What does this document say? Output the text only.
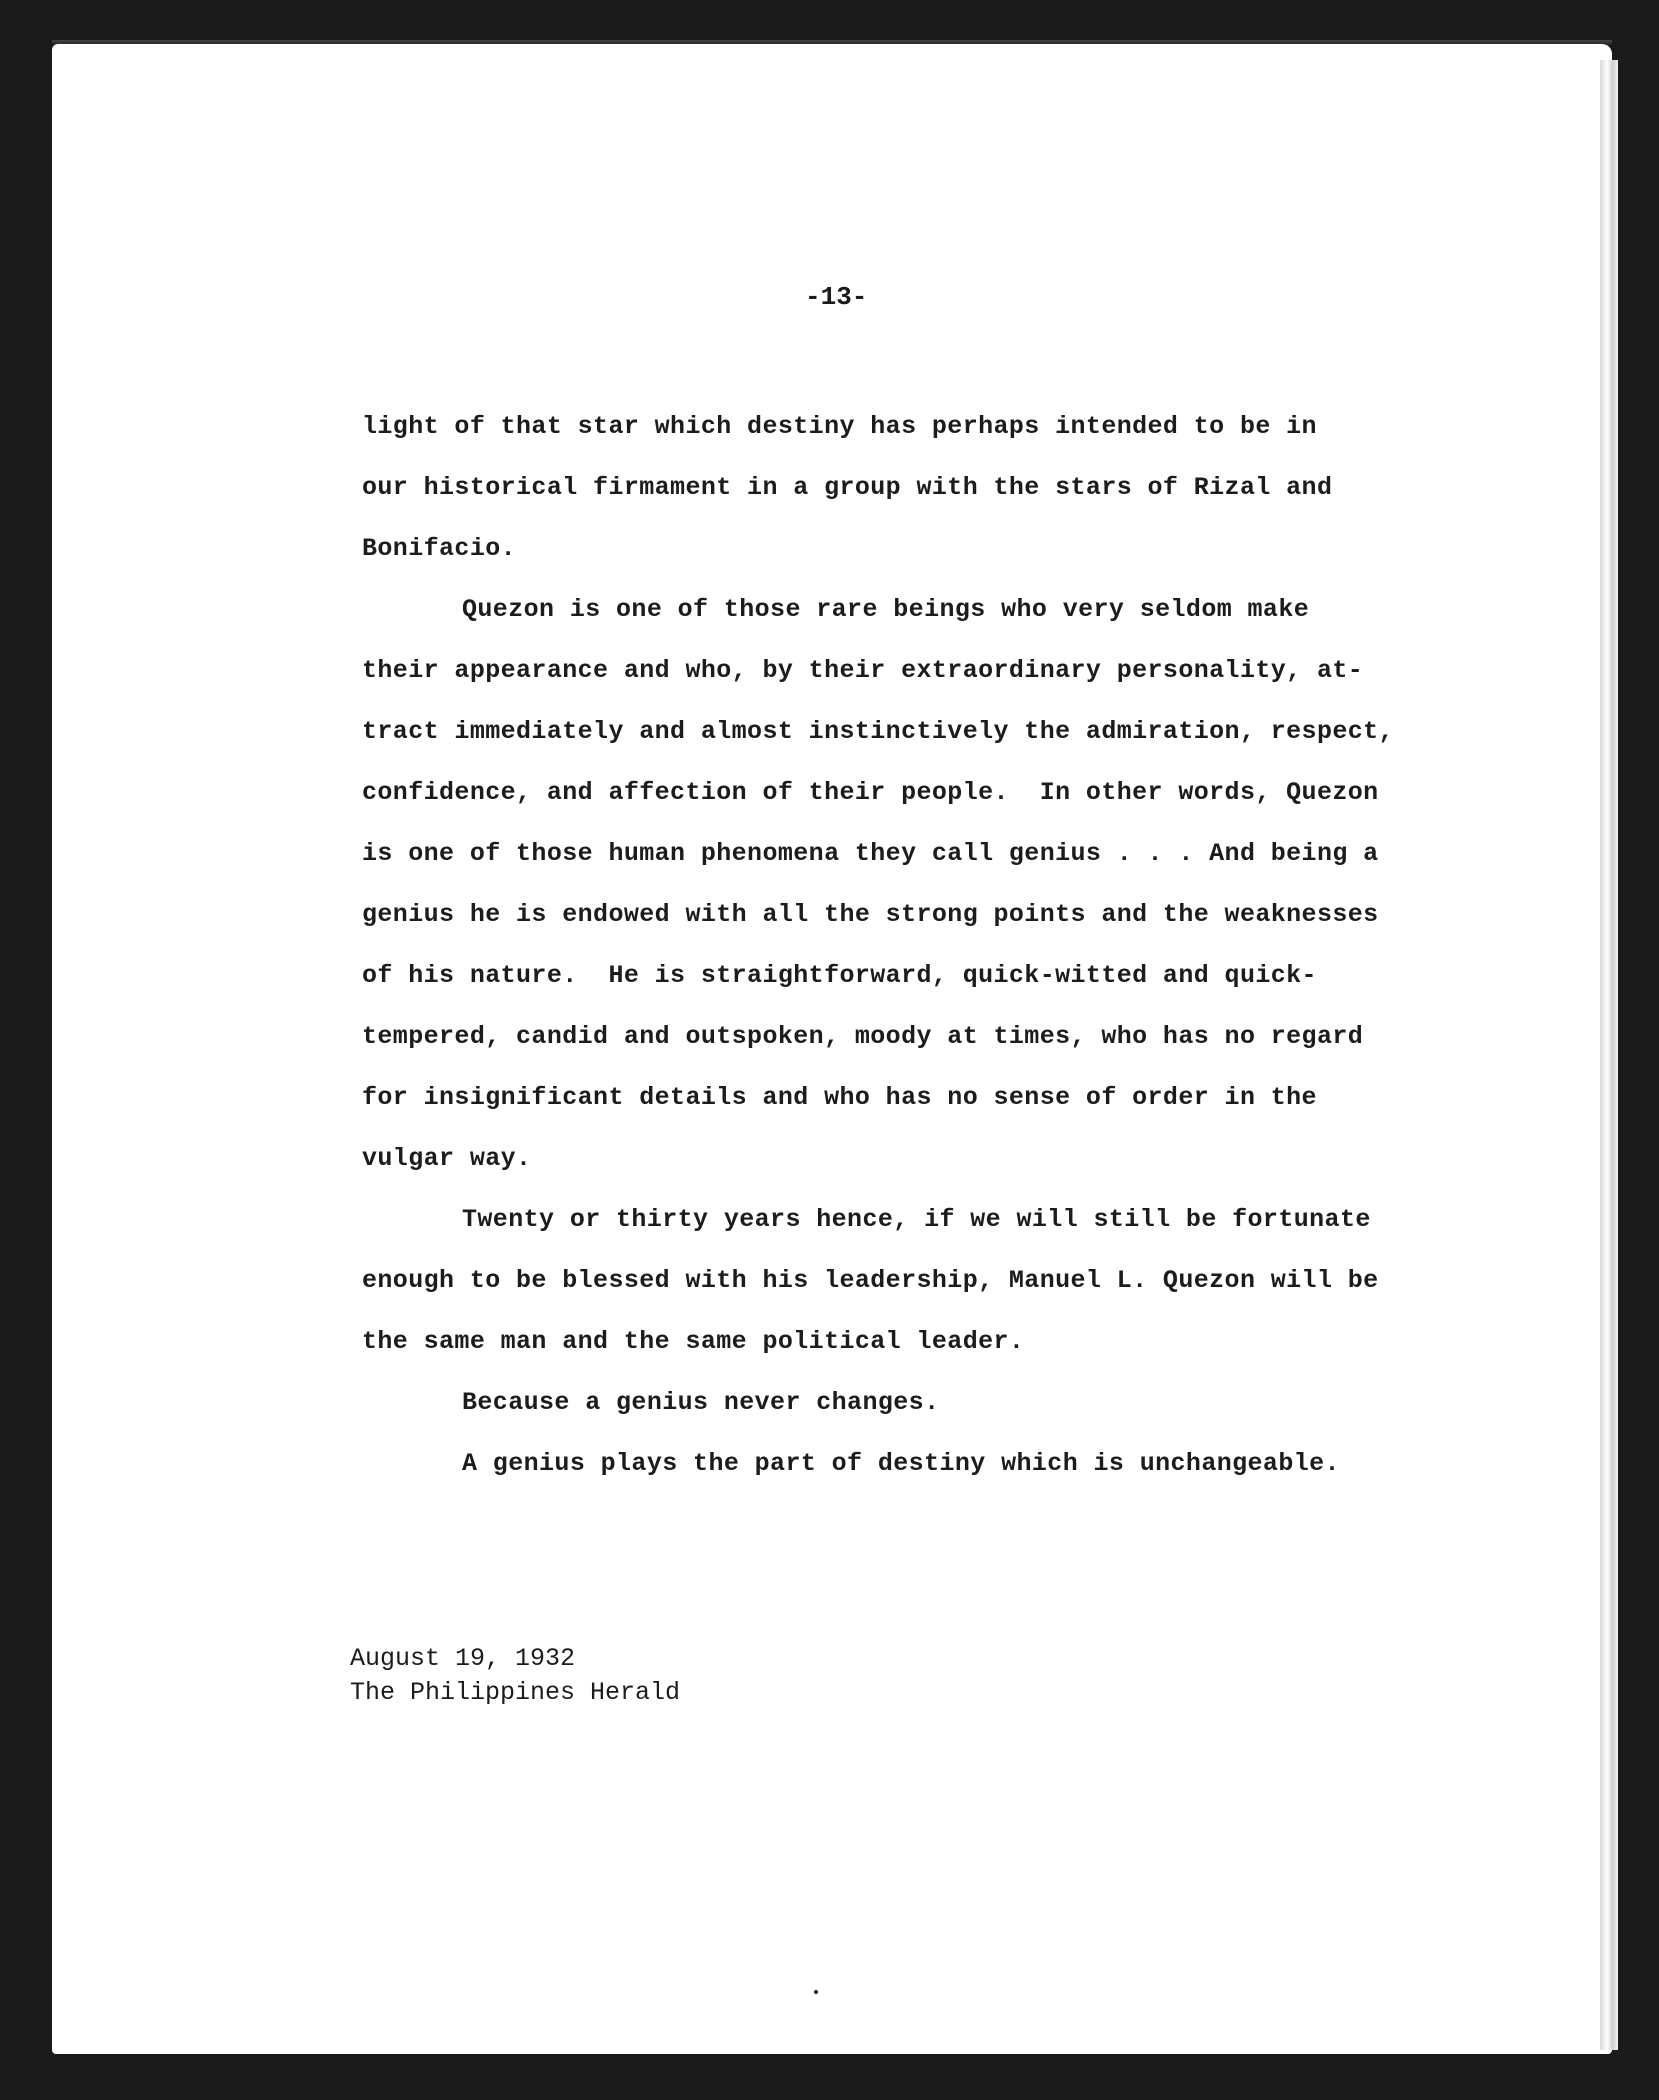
-13-
light of that star which destiny has perhaps intended to be in
our historical firmament in a group with the stars of Rizal and
Bonifacio.
Quezon is one of those rare beings who very seldom make
their appearance and who, by their extraordinary personality, at-
tract immediately and almost instinctively the admiration, respect,
confidence, and affection of their people.  In other words, Quezon
is one of those human phenomena they call genius . . . And being a
genius he is endowed with all the strong points and the weaknesses
of his nature.  He is straightforward, quick-witted and quick-
tempered, candid and outspoken, moody at times, who has no regard
for insignificant details and who has no sense of order in the
vulgar way.
Twenty or thirty years hence, if we will still be fortunate
enough to be blessed with his leadership, Manuel L. Quezon will be
the same man and the same political leader.
Because a genius never changes.
A genius plays the part of destiny which is unchangeable.
August 19, 1932
The Philippines Herald
